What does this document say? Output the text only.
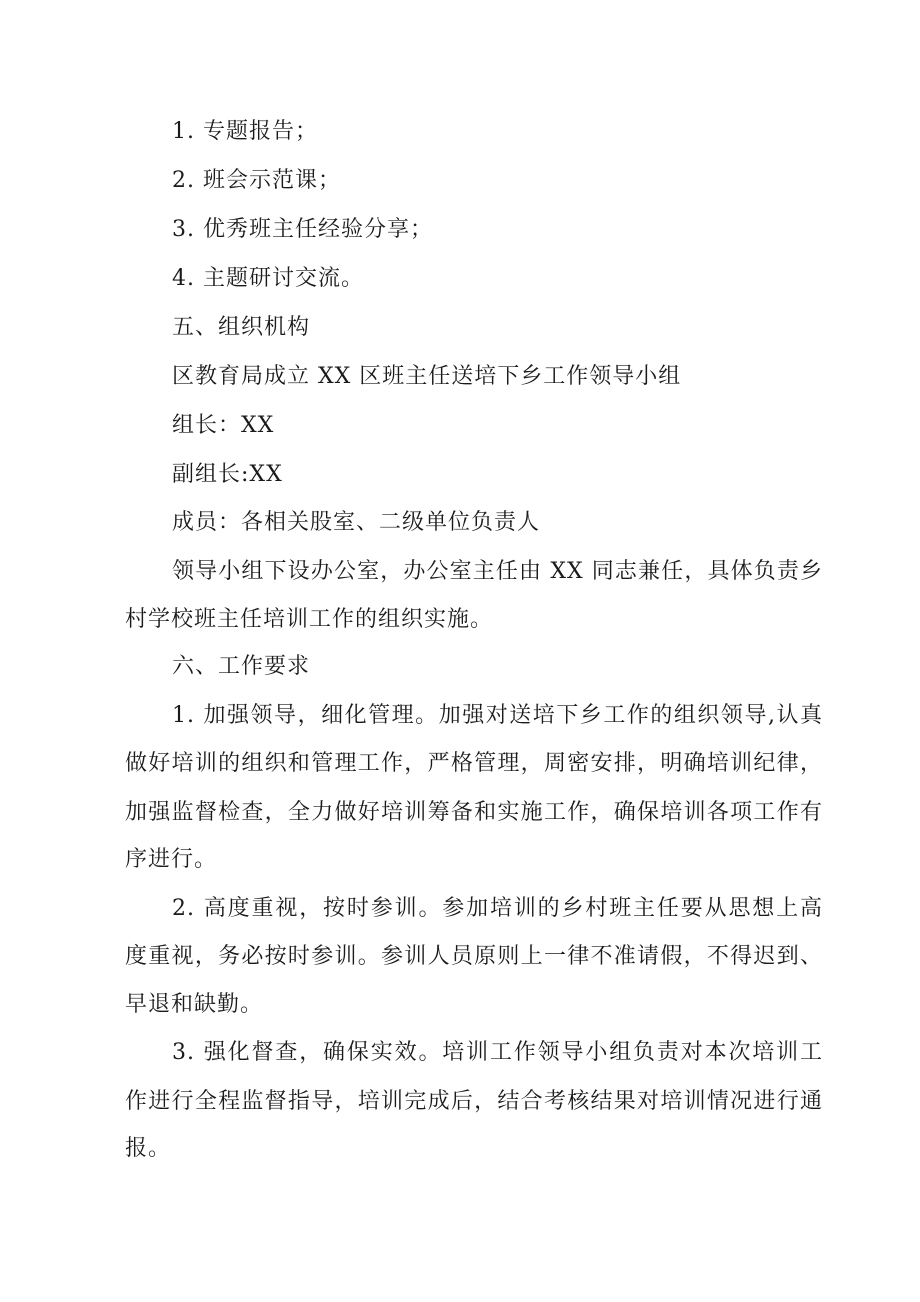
1. 专题报告；
2. 班会示范课；
3. 优秀班主任经验分享；
4. 主题研讨交流。
五、组织机构
区教育局成立 XX 区班主任送培下乡工作领导小组
组长：XX
副组长:XX
成员：各相关股室、二级单位负责人
领导小组下设办公室，办公室主任由 XX 同志兼任，具体负责乡
村学校班主任培训工作的组织实施。
六、工作要求
1. 加强领导，细化管理。加强对送培下乡工作的组织领导,认真
做好培训的组织和管理工作，严格管理，周密安排，明确培训纪律，
加强监督检查，全力做好培训筹备和实施工作，确保培训各项工作有
序进行。
2. 高度重视，按时参训。参加培训的乡村班主任要从思想上高
度重视，务必按时参训。参训人员原则上一律不准请假，不得迟到、
早退和缺勤。
3. 强化督查，确保实效。培训工作领导小组负责对本次培训工
作进行全程监督指导，培训完成后，结合考核结果对培训情况进行通
报。
